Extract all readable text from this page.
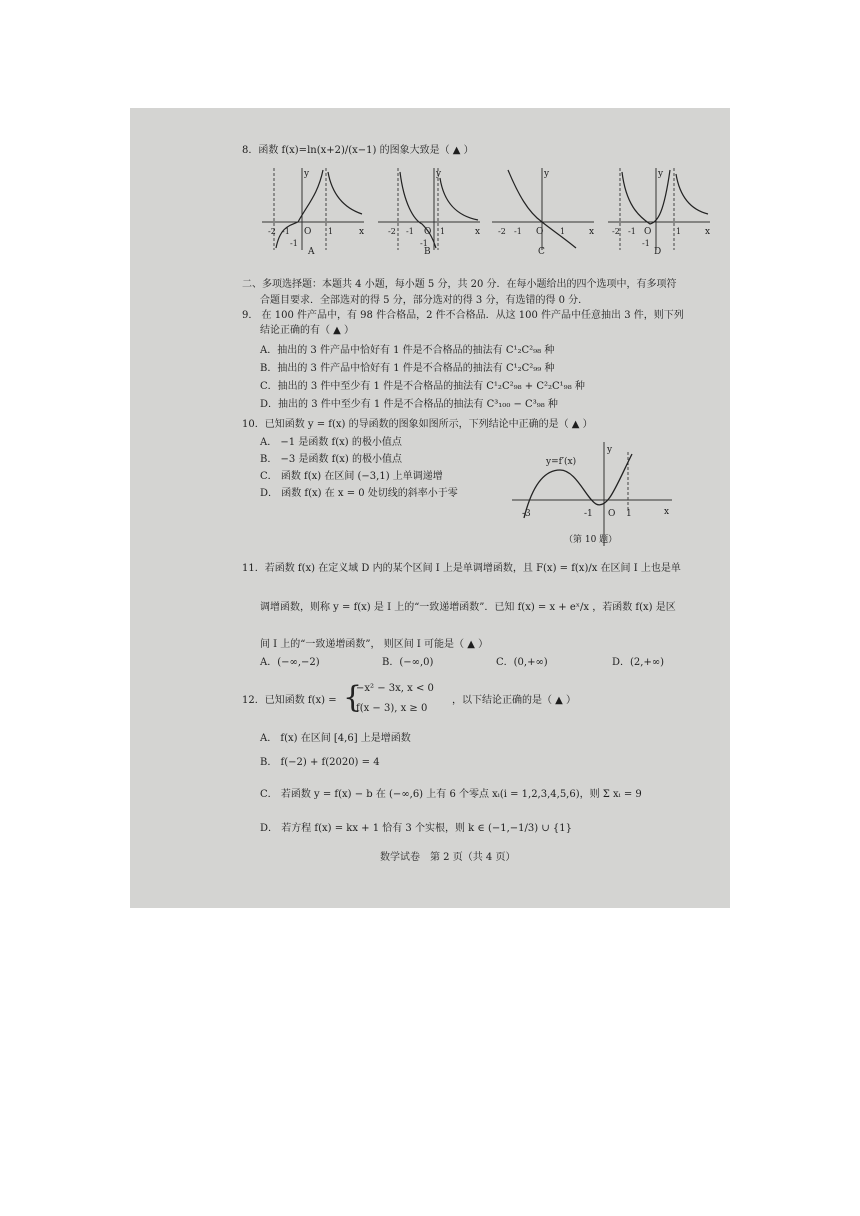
8．函数 f(x)=ln(x+2)/(x−1) 的图象大致是（ ▲ ）
y
x
O
-2 -1	1
-1
A
y
x
O
-2 -1	1
-1
B
y
x
O
-2 -1	1
C
y
x
O
-2 -1	1
-1
D
二、多项选择题：本题共 4 小题，每小题 5 分，共 20 分．在每小题给出的四个选项中，有多项符
合题目要求．全部选对的得 5 分，部分选对的得 3 分，有选错的得 0 分．
9． 在 100 件产品中，有 98 件合格品，2 件不合格品．从这 100 件产品中任意抽出 3 件，则下列
结论正确的有（ ▲ ）
A．抽出的 3 件产品中恰好有 1 件是不合格品的抽法有 C¹₂C²₉₈ 种
B．抽出的 3 件产品中恰好有 1 件是不合格品的抽法有 C¹₂C²₉₉ 种
C．抽出的 3 件中至少有 1 件是不合格品的抽法有 C¹₂C²₉₈ + C²₂C¹₉₈ 种
D．抽出的 3 件中至少有 1 件是不合格品的抽法有 C³₁₀₀ − C³₉₈ 种
10．已知函数 y = f(x) 的导函数的图象如图所示，下列结论中正确的是（ ▲ ）
A． −1 是函数 f(x) 的极小值点
B． −3 是函数 f(x) 的极小值点
C． 函数 f(x) 在区间 (−3,1) 上单调递增
D． 函数 f(x) 在 x = 0 处切线的斜率小于零
y=f′(x)
y
x
-3	-1 O 1
（第 10 题）
11．若函数 f(x) 在定义域 D 内的某个区间 I 上是单调增函数，且 F(x) = f(x)/x 在区间 I 上也是单
调增函数，则称 y = f(x) 是 I 上的“一致递增函数”．已知 f(x) = x + eˣ/x ，若函数 f(x) 是区
间 I 上的“一致递增函数”， 则区间 I 可能是（ ▲ ）
A．(−∞,−2)	B．(−∞,0)	C．(0,+∞)	D．(2,+∞)
12．已知函数 f(x) = {
−x² − 3x, x < 0
f(x − 3), x ≥ 0
，以下结论正确的是（ ▲ ）
A． f(x) 在区间 [4,6] 上是增函数
B． f(−2) + f(2020) = 4
C． 若函数 y = f(x) − b 在 (−∞,6) 上有 6 个零点 xᵢ(i = 1,2,3,4,5,6)，则 Σ xᵢ = 9
D． 若方程 f(x) = kx + 1 恰有 3 个实根，则 k ∈ (−1,−1/3) ∪ {1}
数学试卷　第 2 页（共 4 页）
